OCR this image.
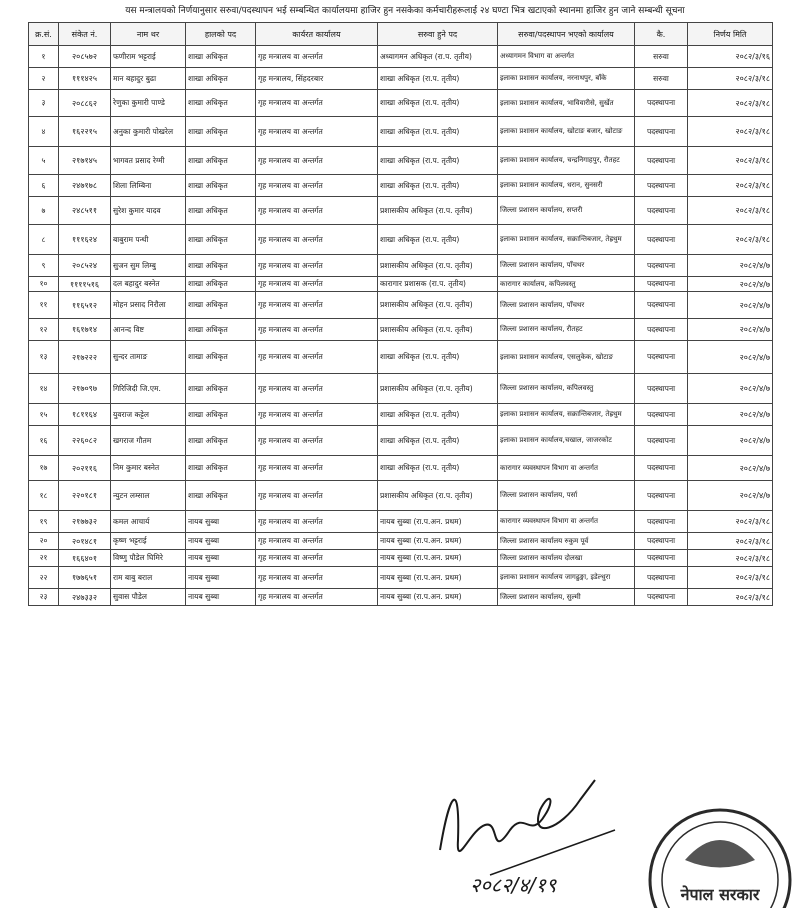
यस मन्त्रालयको निर्णयानुसार सरुवा/पदस्थापन भई सम्बन्धित कार्यालयमा हाजिर हुन नसकेका कर्मचारीहरूलाई २४ घण्टा भित्र खटाएको स्थानमा हाजिर हुन जाने सम्बन्धी सूचना
क्र.सं.	संकेत नं.	नाम थर	हालको पद	कार्यरत कार्यालय	सरुवा हुने पद	सरुवा/पदस्थापन भएको कार्यालय	कै.	निर्णय मिति
१	२०८५७२	फणीराम भट्टराई	शाखा अधिकृत	गृह मन्त्रालय वा अन्तर्गत	अध्यागमन अधिकृत (रा.प. तृतीय)	अध्यागमन विभाग वा अन्तर्गत	सरुवा	२०८२/३/१६
२	१११४२५	मान बहादुर बुढा	शाखा अधिकृत	गृह मन्त्रालय, सिंहदरबार	शाखा अधिकृत (रा.प. तृतीय)	इलाका प्रशासन कार्यालय, नरनाथपुर, बाँके	सरुवा	२०८२/३/१८
३	२०८८६२	रेणुका कुमारी पाण्डे	शाखा अधिकृत	गृह मन्त्रालय वा अन्तर्गत	शाखा अधिकृत (रा.प. तृतीय)	इलाका प्रशासन कार्यालय, भाविवारीसे, सुर्खेत	पदस्थापना	२०८२/३/१८
४	१६२२१५	अनुका कुमारी पोखरेल	शाखा अधिकृत	गृह मन्त्रालय वा अन्तर्गत	शाखा अधिकृत (रा.प. तृतीय)	इलाका प्रशासन कार्यालय, खोटाङ बजार, खोटाङ	पदस्थापना	२०८२/३/१८
५	२१७१४५	भागवत प्रसाद रेग्मी	शाखा अधिकृत	गृह मन्त्रालय वा अन्तर्गत	शाखा अधिकृत (रा.प. तृतीय)	इलाका प्रशासन कार्यालय, चन्द्रनिगाहपुर, रौतहट	पदस्थापना	२०८२/३/१८
६	२४७१७८	शिला लिम्बिना	शाखा अधिकृत	गृह मन्त्रालय वा अन्तर्गत	शाखा अधिकृत (रा.प. तृतीय)	इलाका प्रशासन कार्यालय, धरान, सुनसरी	पदस्थापना	२०८२/३/१८
७	२४८५११	सुरेश कुमार यादव	शाखा अधिकृत	गृह मन्त्रालय वा अन्तर्गत	प्रशासकीय अधिकृत (रा.प. तृतीय)	जिल्ला प्रशासन कार्यालय, सप्तरी	पदस्थापना	२०८२/३/१८
८	१११६२४	बाबुराम पन्थी	शाखा अधिकृत	गृह मन्त्रालय वा अन्तर्गत	शाखा अधिकृत (रा.प. तृतीय)	इलाका प्रशासन कार्यालय, सक्रान्तिबजार, तेह्रथुम	पदस्थापना	२०८२/३/१८
९	२०८५२४	सुजन सुम लिम्बु	शाखा अधिकृत	गृह मन्त्रालय वा अन्तर्गत	प्रशासकीय अधिकृत (रा.प. तृतीय)	जिल्ला प्रशासन कार्यालय, पाँचथर	पदस्थापना	२०८२/४/७
१०	११११५१६	दल बहादुर बस्नेत	शाखा अधिकृत	गृह मन्त्रालय वा अन्तर्गत	कारागार प्रशासक (रा.प. तृतीय)	कारागार कार्यालय, कपिलवस्तु	पदस्थापना	२०८२/४/७
११	११६५१२	मोहन प्रसाद निरौला	शाखा अधिकृत	गृह मन्त्रालय वा अन्तर्गत	प्रशासकीय अधिकृत (रा.प. तृतीय)	जिल्ला प्रशासन कार्यालय, पाँचथर	पदस्थापना	२०८२/४/७
१२	१६१७१४	आनन्द विष्ट	शाखा अधिकृत	गृह मन्त्रालय वा अन्तर्गत	प्रशासकीय अधिकृत (रा.प. तृतीय)	जिल्ला प्रशासन कार्यालय, रौतहट	पदस्थापना	२०८२/४/७
१३	२१७२२२	सुन्दर तामाङ	शाखा अधिकृत	गृह मन्त्रालय वा अन्तर्गत	शाखा अधिकृत (रा.प. तृतीय)	इलाका प्रशासन कार्यालय, एसलुकेक, खोटाङ	पदस्थापना	२०८२/४/७
१४	२१७०९७	गिरिजिदी जि.एम.	शाखा अधिकृत	गृह मन्त्रालय वा अन्तर्गत	प्रशासकीय अधिकृत (रा.प. तृतीय)	जिल्ला प्रशासन कार्यालय, कपिलवस्तु	पदस्थापना	२०८२/४/७
१५	१८११६४	युवराज कट्टेल	शाखा अधिकृत	गृह मन्त्रालय वा अन्तर्गत	शाखा अधिकृत (रा.प. तृतीय)	इलाका प्रशासन कार्यालय, सक्रान्तिबजार, तेह्रथुम	पदस्थापना	२०८२/४/७
१६	२२६०८२	खगराज गौतम	शाखा अधिकृत	गृह मन्त्रालय वा अन्तर्गत	शाखा अधिकृत (रा.प. तृतीय)	इलाका प्रशासन कार्यालय,चखाल, जाजरकोट	पदस्थापना	२०८२/४/७
१७	२०२११६	निम कुमार बस्नेत	शाखा अधिकृत	गृह मन्त्रालय वा अन्तर्गत	शाखा अधिकृत (रा.प. तृतीय)	कारागार व्यवस्थापन विभाग वा अन्तर्गत	पदस्थापना	२०८२/४/७
१८	२२०१८१	न्युटन लम्साल	शाखा अधिकृत	गृह मन्त्रालय वा अन्तर्गत	प्रशासकीय अधिकृत (रा.प. तृतीय)	जिल्ला प्रशासन कार्यालय, पर्सा	पदस्थापना	२०८२/४/७
१९	२१७७३२	कमल आचार्य	नायब सुब्बा	गृह मन्त्रालय वा अन्तर्गत	नायब सुब्बा (रा.प.अन. प्रथम)	कारागार व्यवस्थापन विभाग वा अन्तर्गत	पदस्थापना	२०८२/३/१८
२०	२०१४८१	कृष्ण भट्टराई	नायब सुब्बा	गृह मन्त्रालय वा अन्तर्गत	नायब सुब्बा (रा.प.अन. प्रथम)	जिल्ला प्रशासन कार्यालय रुकुम पूर्व	पदस्थापना	२०८२/३/१८
२१	१६६४०१	विष्णु पौडेल घिमिरे	नायब सुब्बा	गृह मन्त्रालय वा अन्तर्गत	नायब सुब्बा (रा.प.अन. प्रथम)	जिल्ला प्रशासन कार्यालय दोलखा	पदस्थापना	२०८२/३/१८
२२	१७७६५१	राम बाबु बराल	नायब सुब्बा	गृह मन्त्रालय वा अन्तर्गत	नायब सुब्बा (रा.प.अन. प्रथम)	इलाका प्रशासन कार्यालय जागढुङ्गा, इडेल्धुरा	पदस्थापना	२०८२/३/१८
२३	२४७३३२	सुवास पौडेल	नायब सुब्बा	गृह मन्त्रालय वा अन्तर्गत	नायब सुब्बा (रा.प.अन. प्रथम)	जिल्ला प्रशासन कार्यालय, सुल्मी	पदस्थापना	२०८२/३/१८
२०८२/४/१९	नेपाल सरकार
